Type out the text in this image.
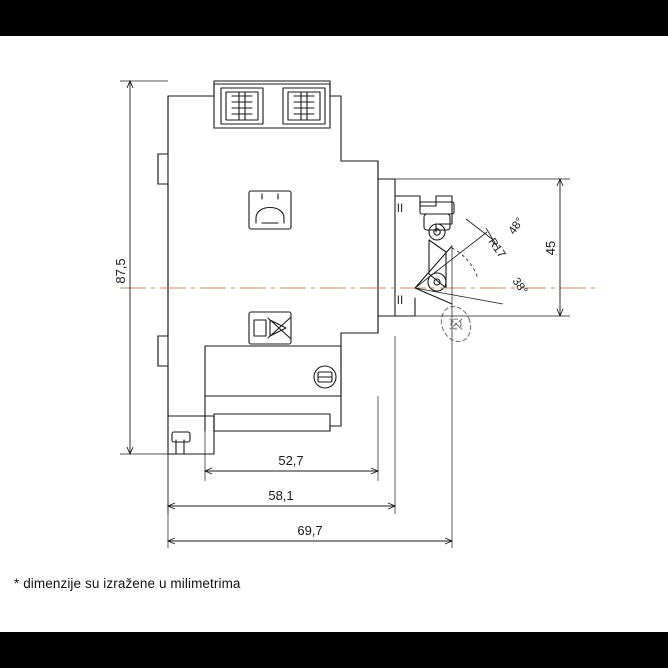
87,5
45
52,7
58,1
69,7
R17
48°
38°
II
II
* dimenzije su izražene u milimetrima
